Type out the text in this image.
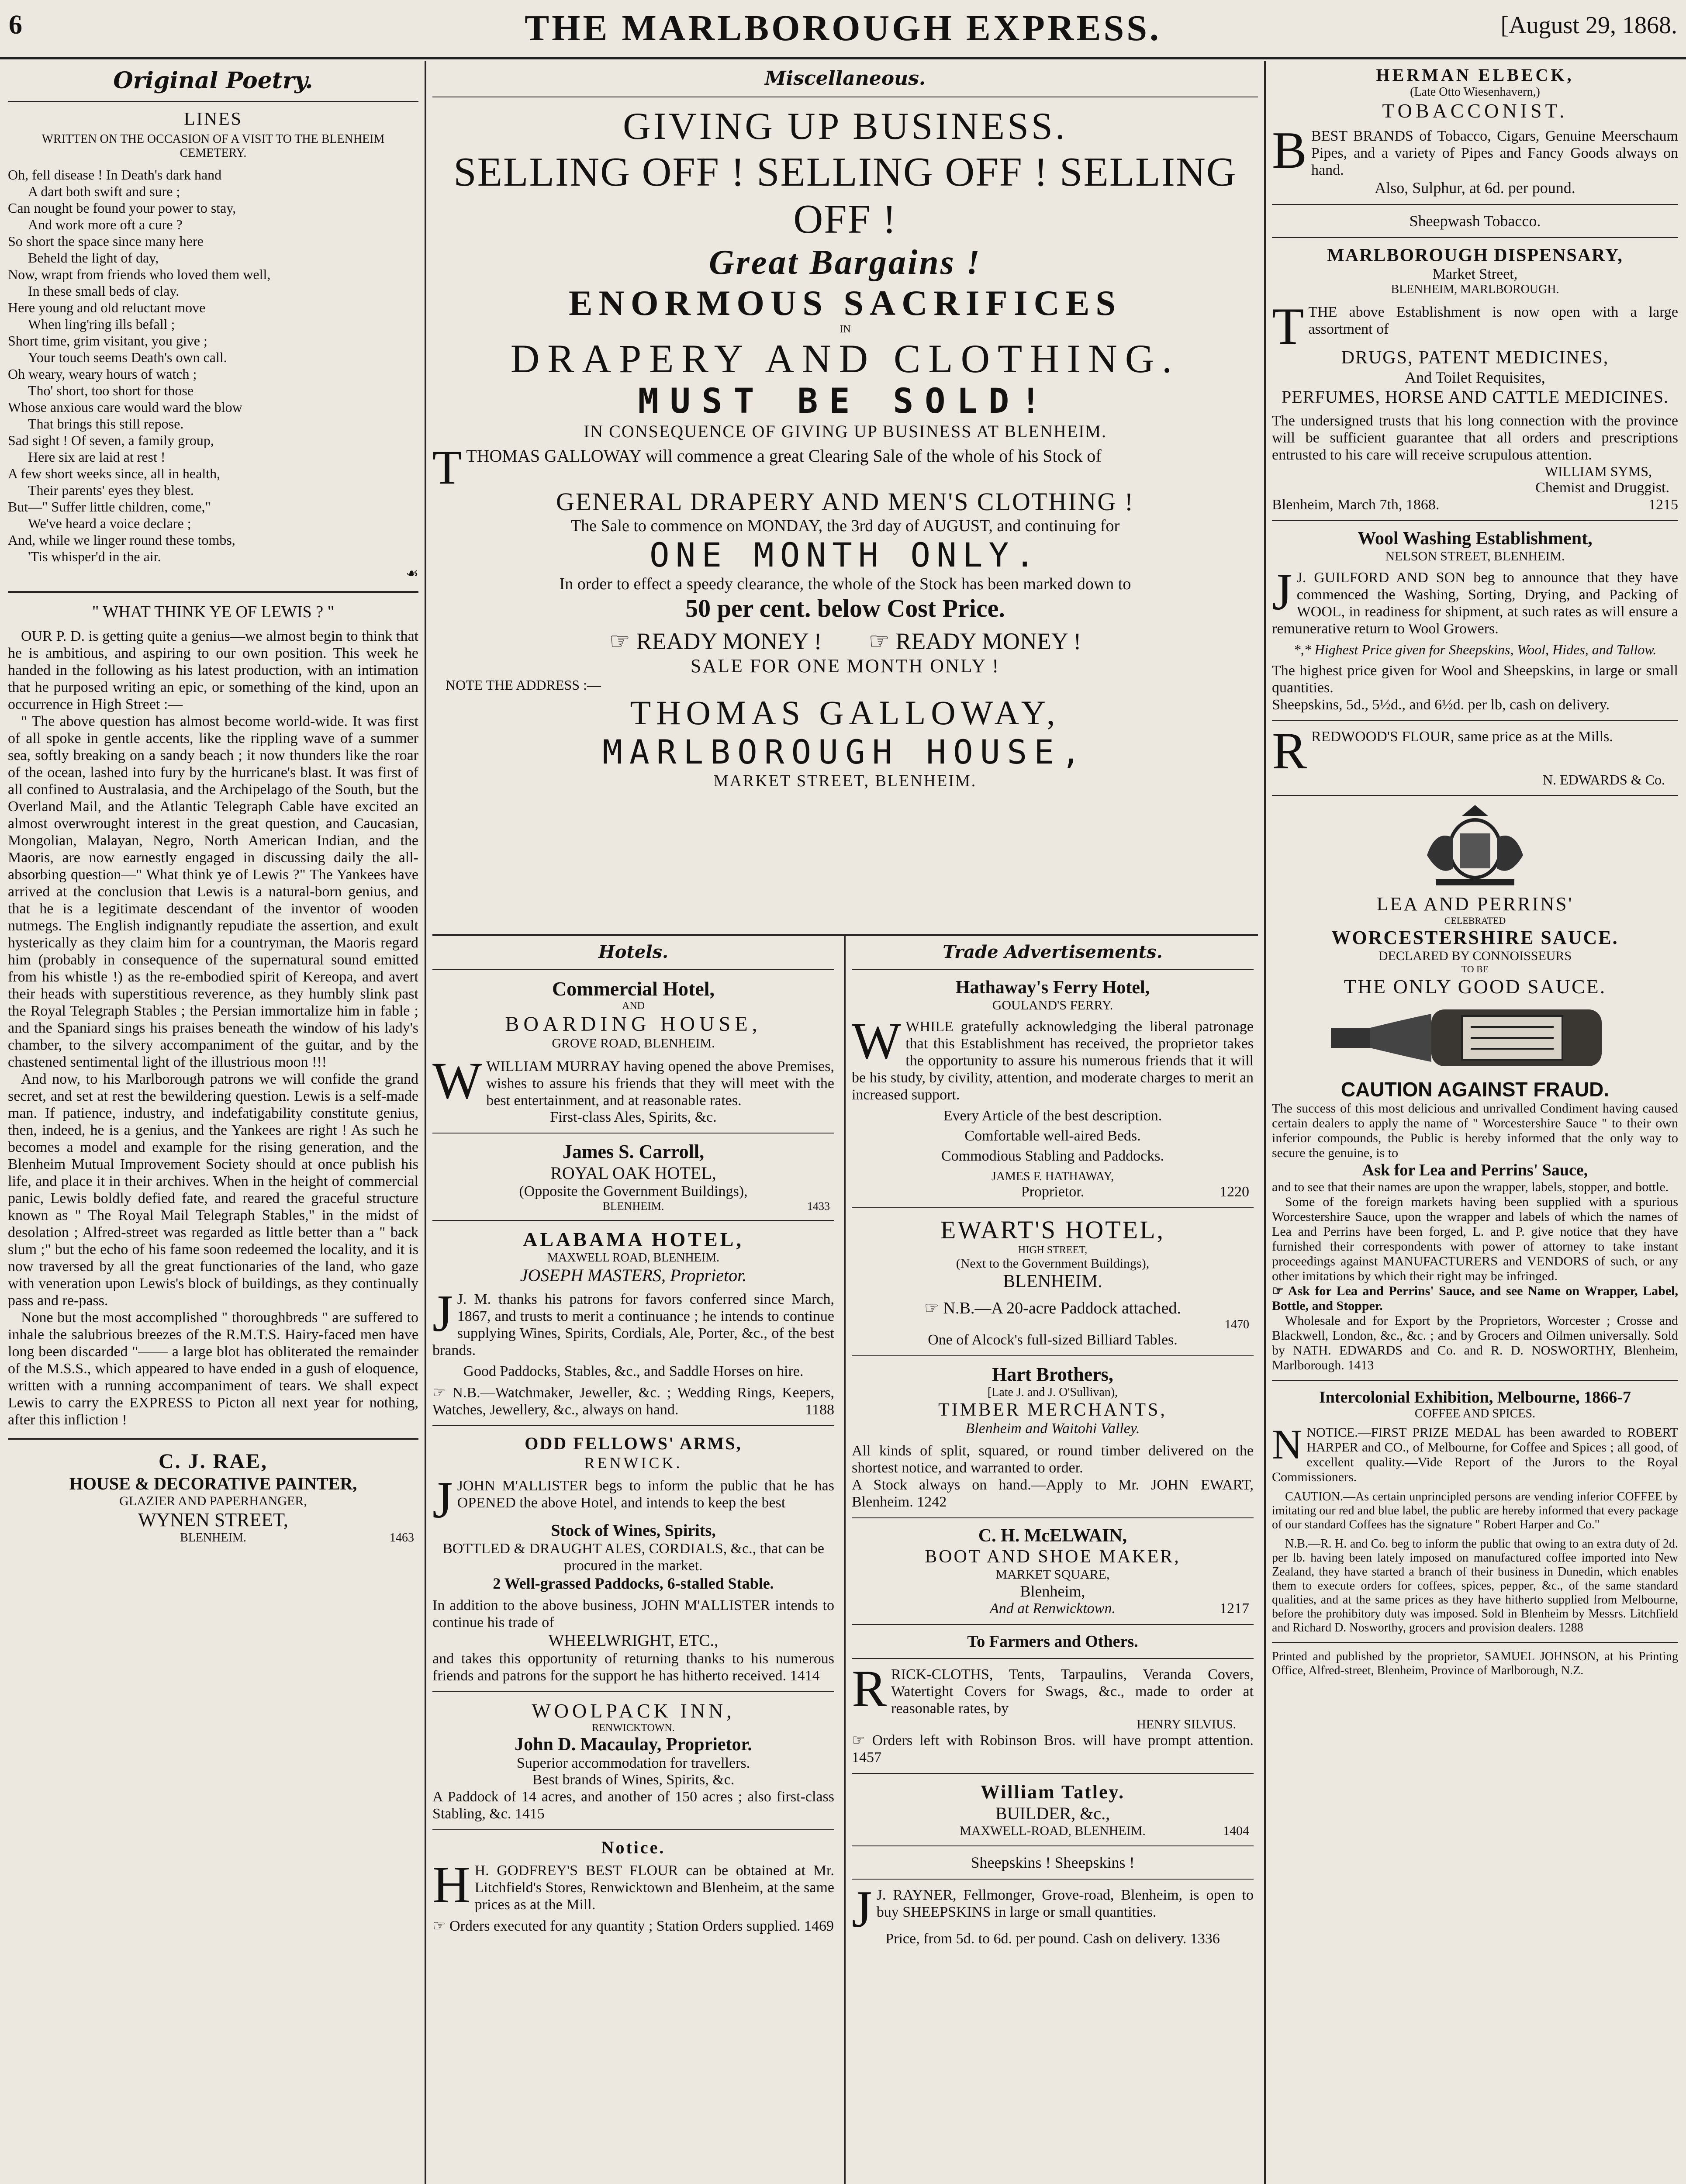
6	THE MARLBOROUGH EXPRESS.	[August 29, 1868.
Original Poetry.
LINES
WRITTEN ON THE OCCASION OF A VISIT TO THE BLENHEIM CEMETERY.

Oh, fell disease ! In Death's dark hand

A dart both swift and sure ;

Can nought be found your power to stay,

And work more oft a cure ?

So short the space since many here

Beheld the light of day,

Now, wrapt from friends who loved them well,

In these small beds of clay.

Here young and old reluctant move

When ling'ring ills befall ;

Short time, grim visitant, you give ;

Your touch seems Death's own call.

Oh weary, weary hours of watch ;

Tho' short, too short for those

Whose anxious care would ward the blow

That brings this still repose.

Sad sight ! Of seven, a family group,

Here six are laid at rest !

A few short weeks since, all in health,

Their parents' eyes they blest.

But—" Suffer little children, come,"

We've heard a voice declare ;

And, while we linger round these tombs,

'Tis whisper'd in the air.

☙
" WHAT THINK YE OF LEWIS ? "

OUR P. D. is getting quite a genius—we almost begin to think that he is ambitious, and aspiring to our own position. This week he handed in the following as his latest production, with an intimation that he purposed writing an epic, or something of the kind, upon an occurrence in High Street :—

" The above question has almost become world-wide. It was first of all spoke in gentle accents, like the rippling wave of a summer sea, softly breaking on a sandy beach ; it now thunders like the roar of the ocean, lashed into fury by the hurricane's blast. It was first of all confined to Australasia, and the Archipelago of the South, but the Overland Mail, and the Atlantic Telegraph Cable have excited an almost overwrought interest in the great question, and Caucasian, Mongolian, Malayan, Negro, North American Indian, and the Maoris, are now earnestly engaged in discussing daily the all-absorbing question—" What think ye of Lewis ?" The Yankees have arrived at the conclusion that Lewis is a natural-born genius, and that he is a legitimate descendant of the inventor of wooden nutmegs. The English indignantly repudiate the assertion, and exult hysterically as they claim him for a countryman, the Maoris regard him (probably in consequence of the supernatural sound emitted from his whistle !) as the re-embodied spirit of Kereopa, and avert their heads with superstitious reverence, as they humbly slink past the Royal Telegraph Stables ; the Persian immortalize him in fable ; and the Spaniard sings his praises beneath the window of his lady's chamber, to the silvery accompaniment of the guitar, and by the chastened sentimental light of the illustrious moon !!!

And now, to his Marlborough patrons we will confide the grand secret, and set at rest the bewildering question. Lewis is a self-made man. If patience, industry, and indefatigability constitute genius, then, indeed, he is a genius, and the Yankees are right ! As such he becomes a model and example for the rising generation, and the Blenheim Mutual Improvement Society should at once publish his life, and place it in their archives. When in the height of commercial panic, Lewis boldly defied fate, and reared the graceful structure known as " The Royal Mail Telegraph Stables," in the midst of desolation ; Alfred-street was regarded as little better than a " back slum ;" but the echo of his fame soon redeemed the locality, and it is now traversed by all the great functionaries of the land, who gaze with veneration upon Lewis's block of buildings, as they continually pass and re-pass.

None but the most accomplished " thoroughbreds " are suffered to inhale the salubrious breezes of the R.M.T.S. Hairy-faced men have long been discarded "—— a large blot has obliterated the remainder of the M.S.S., which appeared to have ended in a gush of eloquence, written with a running accompaniment of tears. We shall expect Lewis to carry the EXPRESS to Picton all next year for nothing, after this infliction !

C. J. RAE,
HOUSE & DECORATIVE PAINTER,
GLAZIER AND PAPERHANGER,
WYNEN STREET,
BLENHEIM.	1463
Miscellaneous.
GIVING UP BUSINESS.
SELLING OFF ! SELLING OFF ! SELLING OFF !
Great Bargains !
ENORMOUS SACRIFICES
IN
DRAPERY AND CLOTHING.
MUST BE SOLD!
IN CONSEQUENCE OF GIVING UP BUSINESS AT BLENHEIM.

TTHOMAS GALLOWAY will commence a great Clearing Sale of the whole of his Stock of

GENERAL DRAPERY AND MEN'S CLOTHING !
The Sale to commence on MONDAY, the 3rd day of AUGUST, and continuing for
ONE MONTH ONLY.
In order to effect a speedy clearance, the whole of the Stock has been marked down to
50 per cent. below Cost Price.
☞ READY MONEY ! ☞ READY MONEY !
SALE FOR ONE MONTH ONLY !
NOTE THE ADDRESS :—
THOMAS GALLOWAY,
MARLBOROUGH HOUSE,
MARKET STREET, BLENHEIM.
Hotels.
Commercial Hotel,
AND
BOARDING HOUSE,
GROVE ROAD, BLENHEIM.

WWILLIAM MURRAY having opened the above Premises, wishes to assure his friends that they will meet with the best entertainment, and at reasonable rates.

First-class Ales, Spirits, &c.
James S. Carroll,
ROYAL OAK HOTEL,
(Opposite the Government Buildings),
BLENHEIM.	1433
ALABAMA HOTEL,
MAXWELL ROAD, BLENHEIM.
JOSEPH MASTERS, Proprietor.

J J. M. thanks his patrons for favors conferred since March, 1867, and trusts to merit a continuance ; he intends to continue supplying Wines, Spirits, Cordials, Ale, Porter, &c., of the best brands.

Good Paddocks, Stables, &c., and Saddle Horses on hire.

☞ N.B.—Watchmaker, Jeweller, &c. ; Wedding Rings, Keepers, Watches, Jewellery, &c., always on hand.	1188

ODD FELLOWS' ARMS,
RENWICK.

JJOHN M'ALLISTER begs to inform the public that he has OPENED the above Hotel, and intends to keep the best

Stock of Wines, Spirits,

BOTTLED & DRAUGHT ALES, CORDIALS, &c., that can be procured in the market.

2 Well-grassed Paddocks, 6-stalled Stable.

In addition to the above business, JOHN M'ALLISTER intends to continue his trade of

WHEELWRIGHT, ETC.,

and takes this opportunity of returning thanks to his numerous friends and patrons for the support he has hitherto received. 1414

WOOLPACK INN,
RENWICKTOWN.
John D. Macaulay, Proprietor.
Superior accommodation for travellers.
Best brands of Wines, Spirits, &c.

A Paddock of 14 acres, and another of 150 acres ; also first-class Stabling, &c. 1415

Notice.

H H. GODFREY'S BEST FLOUR can be obtained at Mr. Litchfield's Stores, Renwicktown and Blenheim, at the same prices as at the Mill.

☞ Orders executed for any quantity ; Station Orders supplied. 1469

Trade Advertisements.
Hathaway's Ferry Hotel,
GOULAND'S FERRY.

WWHILE gratefully acknowledging the liberal patronage that this Establishment has received, the proprietor takes the opportunity to assure his numerous friends that it will be his study, by civility, attention, and moderate charges to merit an increased support.

Every Article of the best description.
Comfortable well-aired Beds.
Commodious Stabling and Paddocks.
JAMES F. HATHAWAY,
Proprietor.	1220
EWART'S HOTEL,
HIGH STREET,
(Next to the Government Buildings),
BLENHEIM.
☞ N.B.—A 20-acre Paddock attached.
1470
One of Alcock's full-sized Billiard Tables.
Hart Brothers,
[Late J. and J. O'Sullivan),
TIMBER MERCHANTS,
Blenheim and Waitohi Valley.

All kinds of split, squared, or round timber delivered on the shortest notice, and warranted to order.

A Stock always on hand.—Apply to Mr. JOHN EWART, Blenheim. 1242

C. H. McELWAIN,
BOOT AND SHOE MAKER,
MARKET SQUARE,
Blenheim,
And at Renwicktown.	1217
To Farmers and Others.

RRICK-CLOTHS, Tents, Tarpaulins, Veranda Covers, Watertight Covers for Swags, &c., made to order at reasonable rates, by

HENRY SILVIUS.

☞ Orders left with Robinson Bros. will have prompt attention. 1457

William Tatley.
BUILDER, &c.,
MAXWELL-ROAD, BLENHEIM.	1404
Sheepskins ! Sheepskins !

J J. RAYNER, Fellmonger, Grove-road, Blenheim, is open to buy SHEEPSKINS in large or small quantities.

Price, from 5d. to 6d. per pound. Cash on delivery. 1336

HERMAN ELBECK,
(Late Otto Wiesenhavern,)
TOBACCONIST.

BBEST BRANDS of Tobacco, Cigars, Genuine Meerschaum Pipes, and a variety of Pipes and Fancy Goods always on hand.

Also, Sulphur, at 6d. per pound.
Sheepwash Tobacco.
MARLBOROUGH DISPENSARY,
Market Street,
BLENHEIM, MARLBOROUGH.

TTHE above Establishment is now open with a large assortment of

DRUGS, PATENT MEDICINES,
And Toilet Requisites,
PERFUMES, HORSE AND CATTLE MEDICINES.

The undersigned trusts that his long connection with the province will be sufficient guarantee that all orders and prescriptions entrusted to his care will receive scrupulous attention.

WILLIAM SYMS,
Chemist and Druggist.

Blenheim, March 7th, 1868.	1215

Wool Washing Establishment,
NELSON STREET, BLENHEIM.

J J. GUILFORD AND SON beg to announce that they have commenced the Washing, Sorting, Drying, and Packing of WOOL, in readiness for shipment, at such rates as will ensure a remunerative return to Wool Growers.

*,* Highest Price given for Sheepskins, Wool, Hides, and Tallow.

The highest price given for Wool and Sheepskins, in large or small quantities.

Sheepskins, 5d., 5½d., and 6½d. per lb, cash on delivery.

RREDWOOD'S FLOUR, same price as at the Mills.

N. EDWARDS & Co.
LEA AND PERRINS'
CELEBRATED
WORCESTERSHIRE SAUCE.
DECLARED BY CONNOISSEURS
TO BE
THE ONLY GOOD SAUCE.
CAUTION AGAINST FRAUD.

The success of this most delicious and unrivalled Condiment having caused certain dealers to apply the name of " Worcestershire Sauce " to their own inferior compounds, the Public is hereby informed that the only way to secure the genuine, is to

Ask for Lea and Perrins' Sauce,

and to see that their names are upon the wrapper, labels, stopper, and bottle.

Some of the foreign markets having been supplied with a spurious Worcestershire Sauce, upon the wrapper and labels of which the names of Lea and Perrins have been forged, L. and P. give notice that they have furnished their correspondents with power of attorney to take instant proceedings against MANUFACTURERS and VENDORS of such, or any other imitations by which their right may be infringed.

☞ Ask for Lea and Perrins' Sauce, and see Name on Wrapper, Label, Bottle, and Stopper.

Wholesale and for Export by the Proprietors, Worcester ; Crosse and Blackwell, London, &c., &c. ; and by Grocers and Oilmen universally. Sold by NATH. EDWARDS and Co. and R. D. NOSWORTHY, Blenheim, Marlborough. 1413

Intercolonial Exhibition, Melbourne, 1866-7
COFFEE AND SPICES.

NNOTICE.—FIRST PRIZE MEDAL has been awarded to ROBERT HARPER and CO., of Melbourne, for Coffee and Spices ; all good, of excellent quality.—Vide Report of the Jurors to the Royal Commissioners.

CAUTION.—As certain unprincipled persons are vending inferior COFFEE by imitating our red and blue label, the public are hereby informed that every package of our standard Coffees has the signature " Robert Harper and Co."

N.B.—R. H. and Co. beg to inform the public that owing to an extra duty of 2d. per lb. having been lately imposed on manufactured coffee imported into New Zealand, they have started a branch of their business in Dunedin, which enables them to execute orders for coffees, spices, pepper, &c., of the same standard qualities, and at the same prices as they have hitherto supplied from Melbourne, before the prohibitory duty was imposed. Sold in Blenheim by Messrs. Litchfield and Richard D. Nosworthy, grocers and provision dealers. 1288

Printed and published by the proprietor, SAMUEL JOHNSON, at his Printing Office, Alfred-street, Blenheim, Province of Marlborough, N.Z.
